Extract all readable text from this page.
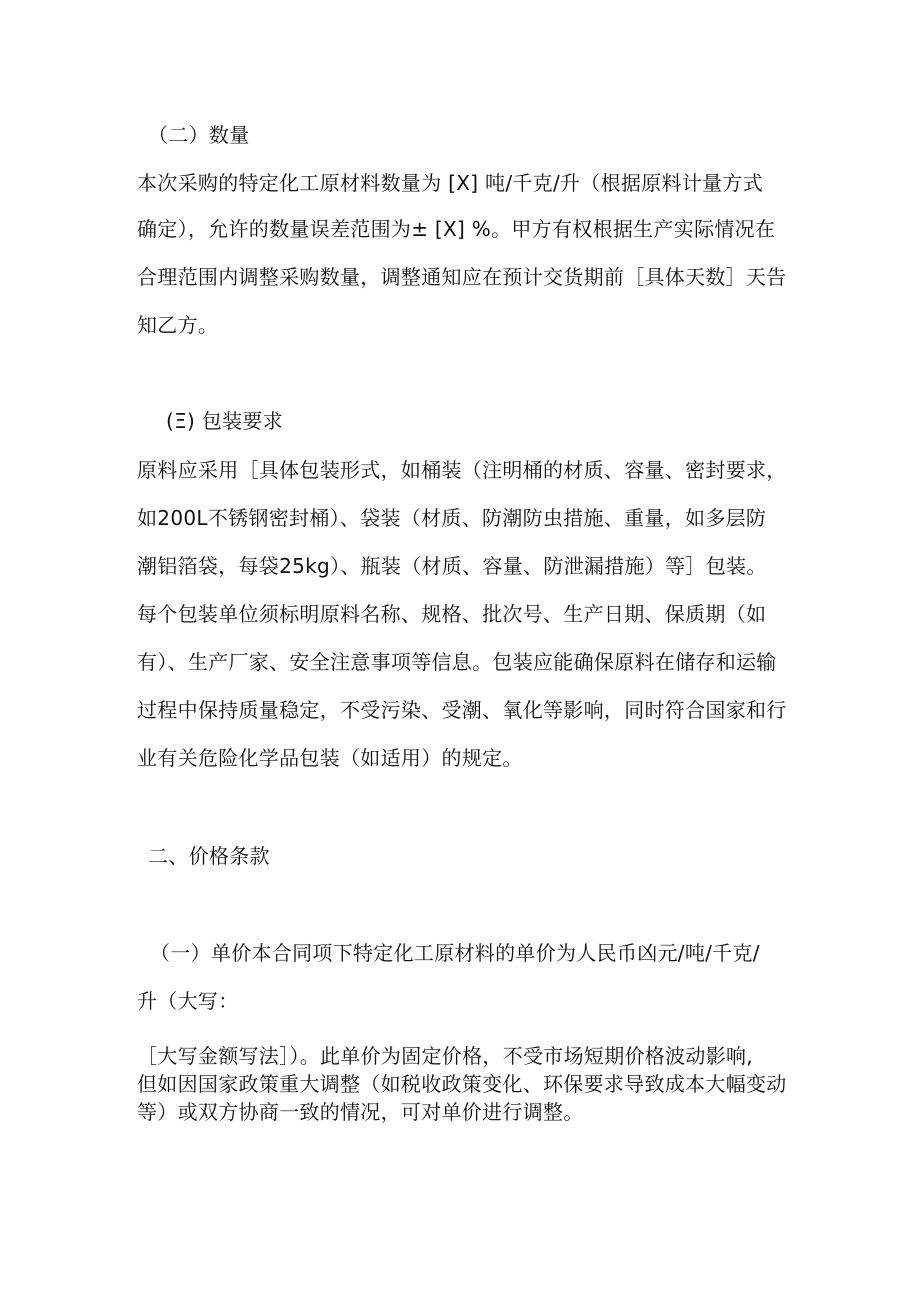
（二）数量
本次采购的特定化工原材料数量为 [X] 吨/千克/升（根据原料计量方式
确定），允许的数量误差范围为± [X] %。甲方有权根据生产实际情况在
合理范围内调整采购数量，调整通知应在预计交货期前［具体天数］天告
知乙方。
(Ξ) 包装要求
原料应采用［具体包装形式，如桶装（注明桶的材质、容量、密封要求，
如200L不锈钢密封桶）、袋装（材质、防潮防虫措施、重量，如多层防
潮铝箔袋，每袋25kg）、瓶装（材质、容量、防泄漏措施）等］包装。
每个包装单位须标明原料名称、规格、批次号、生产日期、保质期（如
有）、生产厂家、安全注意事项等信息。包装应能确保原料在储存和运输
过程中保持质量稳定，不受污染、受潮、氧化等影响，同时符合国家和行
业有关危险化学品包装（如适用）的规定。
二、价格条款
（一）单价本合同项下特定化工原材料的单价为人民币凶元/吨/千克/
升（大写：
［大写金额写法］）。此单价为固定价格，不受市场短期价格波动影响,
但如因国家政策重大调整（如税收政策变化、环保要求导致成本大幅变动
等）或双方协商一致的情况，可对单价进行调整。
